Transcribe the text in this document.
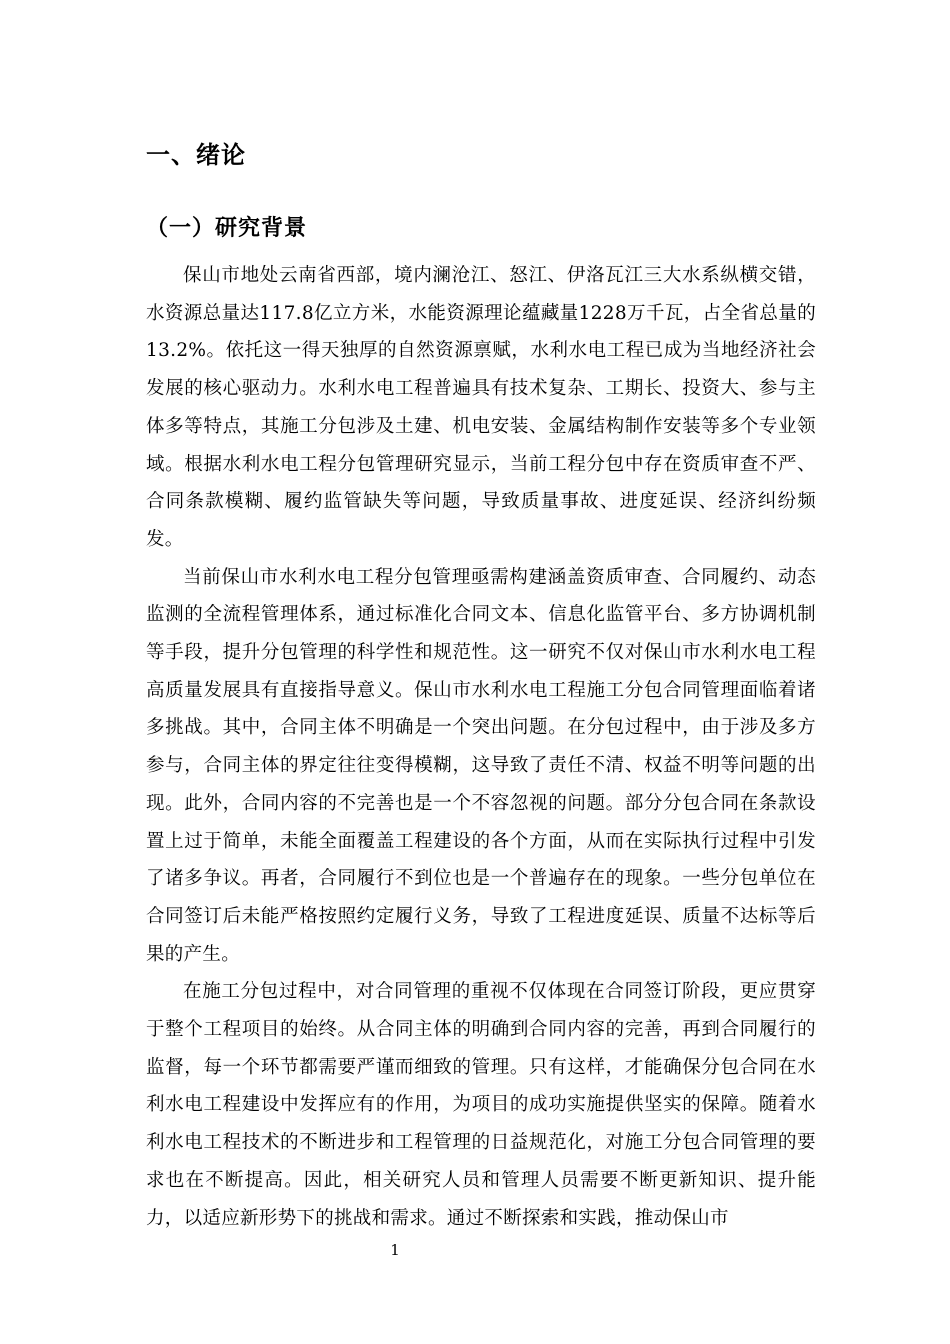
一、绪论
（一）研究背景

保山市地处云南省西部，境内澜沧江、怒江、伊洛瓦江三大水系纵横交错，水资源总量达117.8亿立方米，水能资源理论蕴藏量1228万千瓦，占全省总量的13.2%。依托这一得天独厚的自然资源禀赋，水利水电工程已成为当地经济社会发展的核心驱动力。水利水电工程普遍具有技术复杂、工期长、投资大、参与主体多等特点，其施工分包涉及土建、机电安装、金属结构制作安装等多个专业领域。根据水利水电工程分包管理研究显示，当前工程分包中存在资质审查不严、合同条款模糊、履约监管缺失等问题，导致质量事故、进度延误、经济纠纷频发。

当前保山市水利水电工程分包管理亟需构建涵盖资质审查、合同履约、动态监测的全流程管理体系，通过标准化合同文本、信息化监管平台、多方协调机制等手段，提升分包管理的科学性和规范性。这一研究不仅对保山市水利水电工程高质量发展具有直接指导意义。保山市水利水电工程施工分包合同管理面临着诸多挑战。其中，合同主体不明确是一个突出问题。在分包过程中，由于涉及多方参与，合同主体的界定往往变得模糊，这导致了责任不清、权益不明等问题的出现。此外，合同内容的不完善也是一个不容忽视的问题。部分分包合同在条款设置上过于简单，未能全面覆盖工程建设的各个方面，从而在实际执行过程中引发了诸多争议。再者，合同履行不到位也是一个普遍存在的现象。一些分包单位在合同签订后未能严格按照约定履行义务，导致了工程进度延误、质量不达标等后果的产生。

在施工分包过程中，对合同管理的重视不仅体现在合同签订阶段，更应贯穿于整个工程项目的始终。从合同主体的明确到合同内容的完善，再到合同履行的监督，每一个环节都需要严谨而细致的管理。只有这样，才能确保分包合同在水利水电工程建设中发挥应有的作用，为项目的成功实施提供坚实的保障。随着水利水电工程技术的不断进步和工程管理的日益规范化，对施工分包合同管理的要求也在不断提高。因此，相关研究人员和管理人员需要不断更新知识、提升能力，以适应新形势下的挑战和需求。通过不断探索和实践，推动保山市

1
